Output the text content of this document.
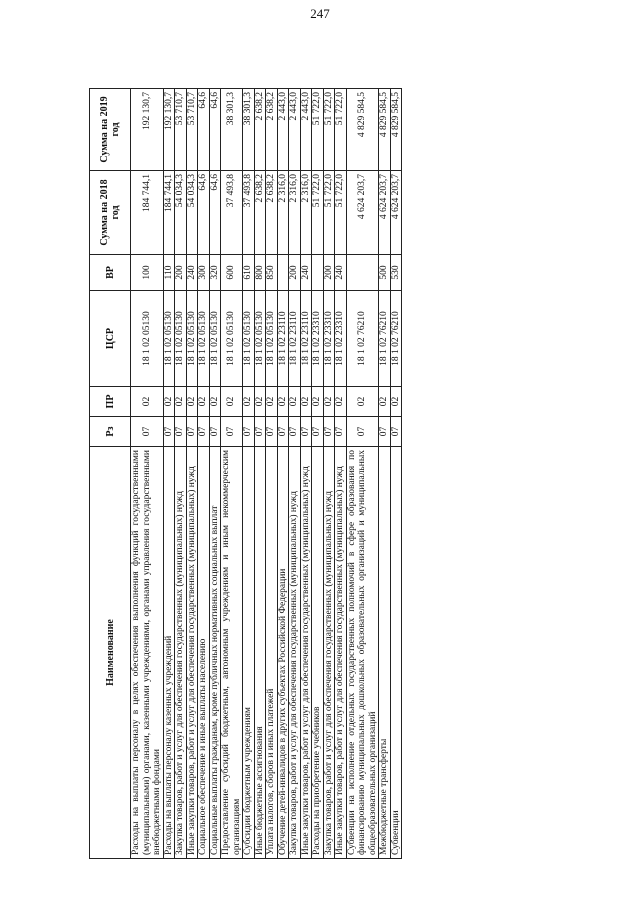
247
Наименование	Рз	ПР	ЦСР	ВР	Сумма на 2018 год	Сумма на 2019 год
Расходы на выплаты персоналу в целях обеспечения выполнения функций государственными (муниципальными) органами, казенными учреждениями, органами управления государственными внебюджетными фондами	07	02	18 1 02 05130	100	184 744,1	192 130,7
Расходы на выплаты персоналу казенных учреждений	07	02	18 1 02 05130	110	184 744,1	192 130,7
Закупка товаров, работ и услуг для обеспечения государственных (муниципальных) нужд	07	02	18 1 02 05130	200	54 034,3	53 710,7
Иные закупки товаров, работ и услуг для обеспечения государственных (муниципальных) нужд	07	02	18 1 02 05130	240	54 034,3	53 710,7
Социальное обеспечение и иные выплаты населению	07	02	18 1 02 05130	300	64,6	64,6
Социальные выплаты гражданам, кроме публичных нормативных социальных выплат	07	02	18 1 02 05130	320	64,6	64,6
Предоставление субсидий бюджетным, автономным учреждениям и иным некоммерческим организациям	07	02	18 1 02 05130	600	37 493,8	38 301,3
Субсидии бюджетным учреждениям	07	02	18 1 02 05130	610	37 493,8	38 301,3
Иные бюджетные ассигнования	07	02	18 1 02 05130	800	2 638,2	2 638,2
Уплата налогов, сборов и иных платежей	07	02	18 1 02 05130	850	2 638,2	2 638,2
Обучение детей-инвалидов в других субъектах Российской Федерации	07	02	18 1 02 23110		2 316,0	2 443,0
Закупка товаров, работ и услуг для обеспечения государственных (муниципальных) нужд	07	02	18 1 02 23110	200	2 316,0	2 443,0
Иные закупки товаров, работ и услуг для обеспечения государственных (муниципальных) нужд	07	02	18 1 02 23110	240	2 316,0	2 443,0
Расходы на приобретение учебников	07	02	18 1 02 23310		51 722,0	51 722,0
Закупка товаров, работ и услуг для обеспечения государственных (муниципальных) нужд	07	02	18 1 02 23310	200	51 722,0	51 722,0
Иные закупки товаров, работ и услуг для обеспечения государственных (муниципальных) нужд	07	02	18 1 02 23310	240	51 722,0	51 722,0
Субвенции на исполнение отдельных государственных полномочий в сфере образования по финансированию муниципальных дошкольных образовательных организаций и муниципальных общеобразовательных организаций	07	02	18 1 02 76210		4 624 203,7	4 829 584,5
Межбюджетные трансферты	07	02	18 1 02 76210	500	4 624 203,7	4 829 584,5
Субвенции	07	02	18 1 02 76210	530	4 624 203,7	4 829 584,5
